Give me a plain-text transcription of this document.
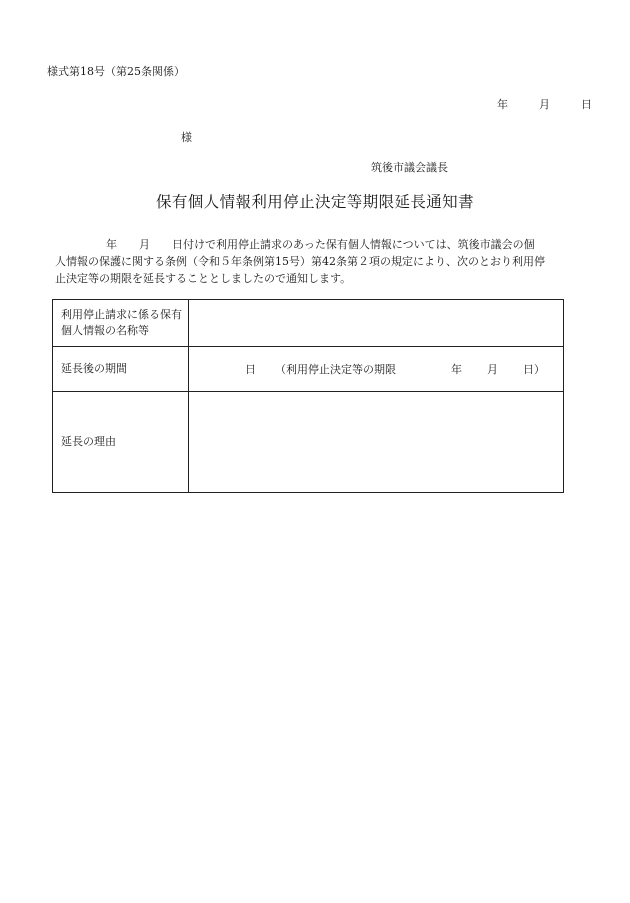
様式第18号（第25条関係）
年	月	日
様
筑後市議会議長
保有個人情報利用停止決定等期限延長通知書
年　　月　　日付けで利用停止請求のあった保有個人情報については、筑後市議会の個
人情報の保護に関する条例（令和５年条例第15号）第42条第２項の規定により、次のとおり利用停
止決定等の期限を延長することとしましたので通知します。
利用停止請求に係る保有個人情報の名称等	
延長後の期間	日 （利用停止決定等の期限 年 月 日）

延長の理由	
